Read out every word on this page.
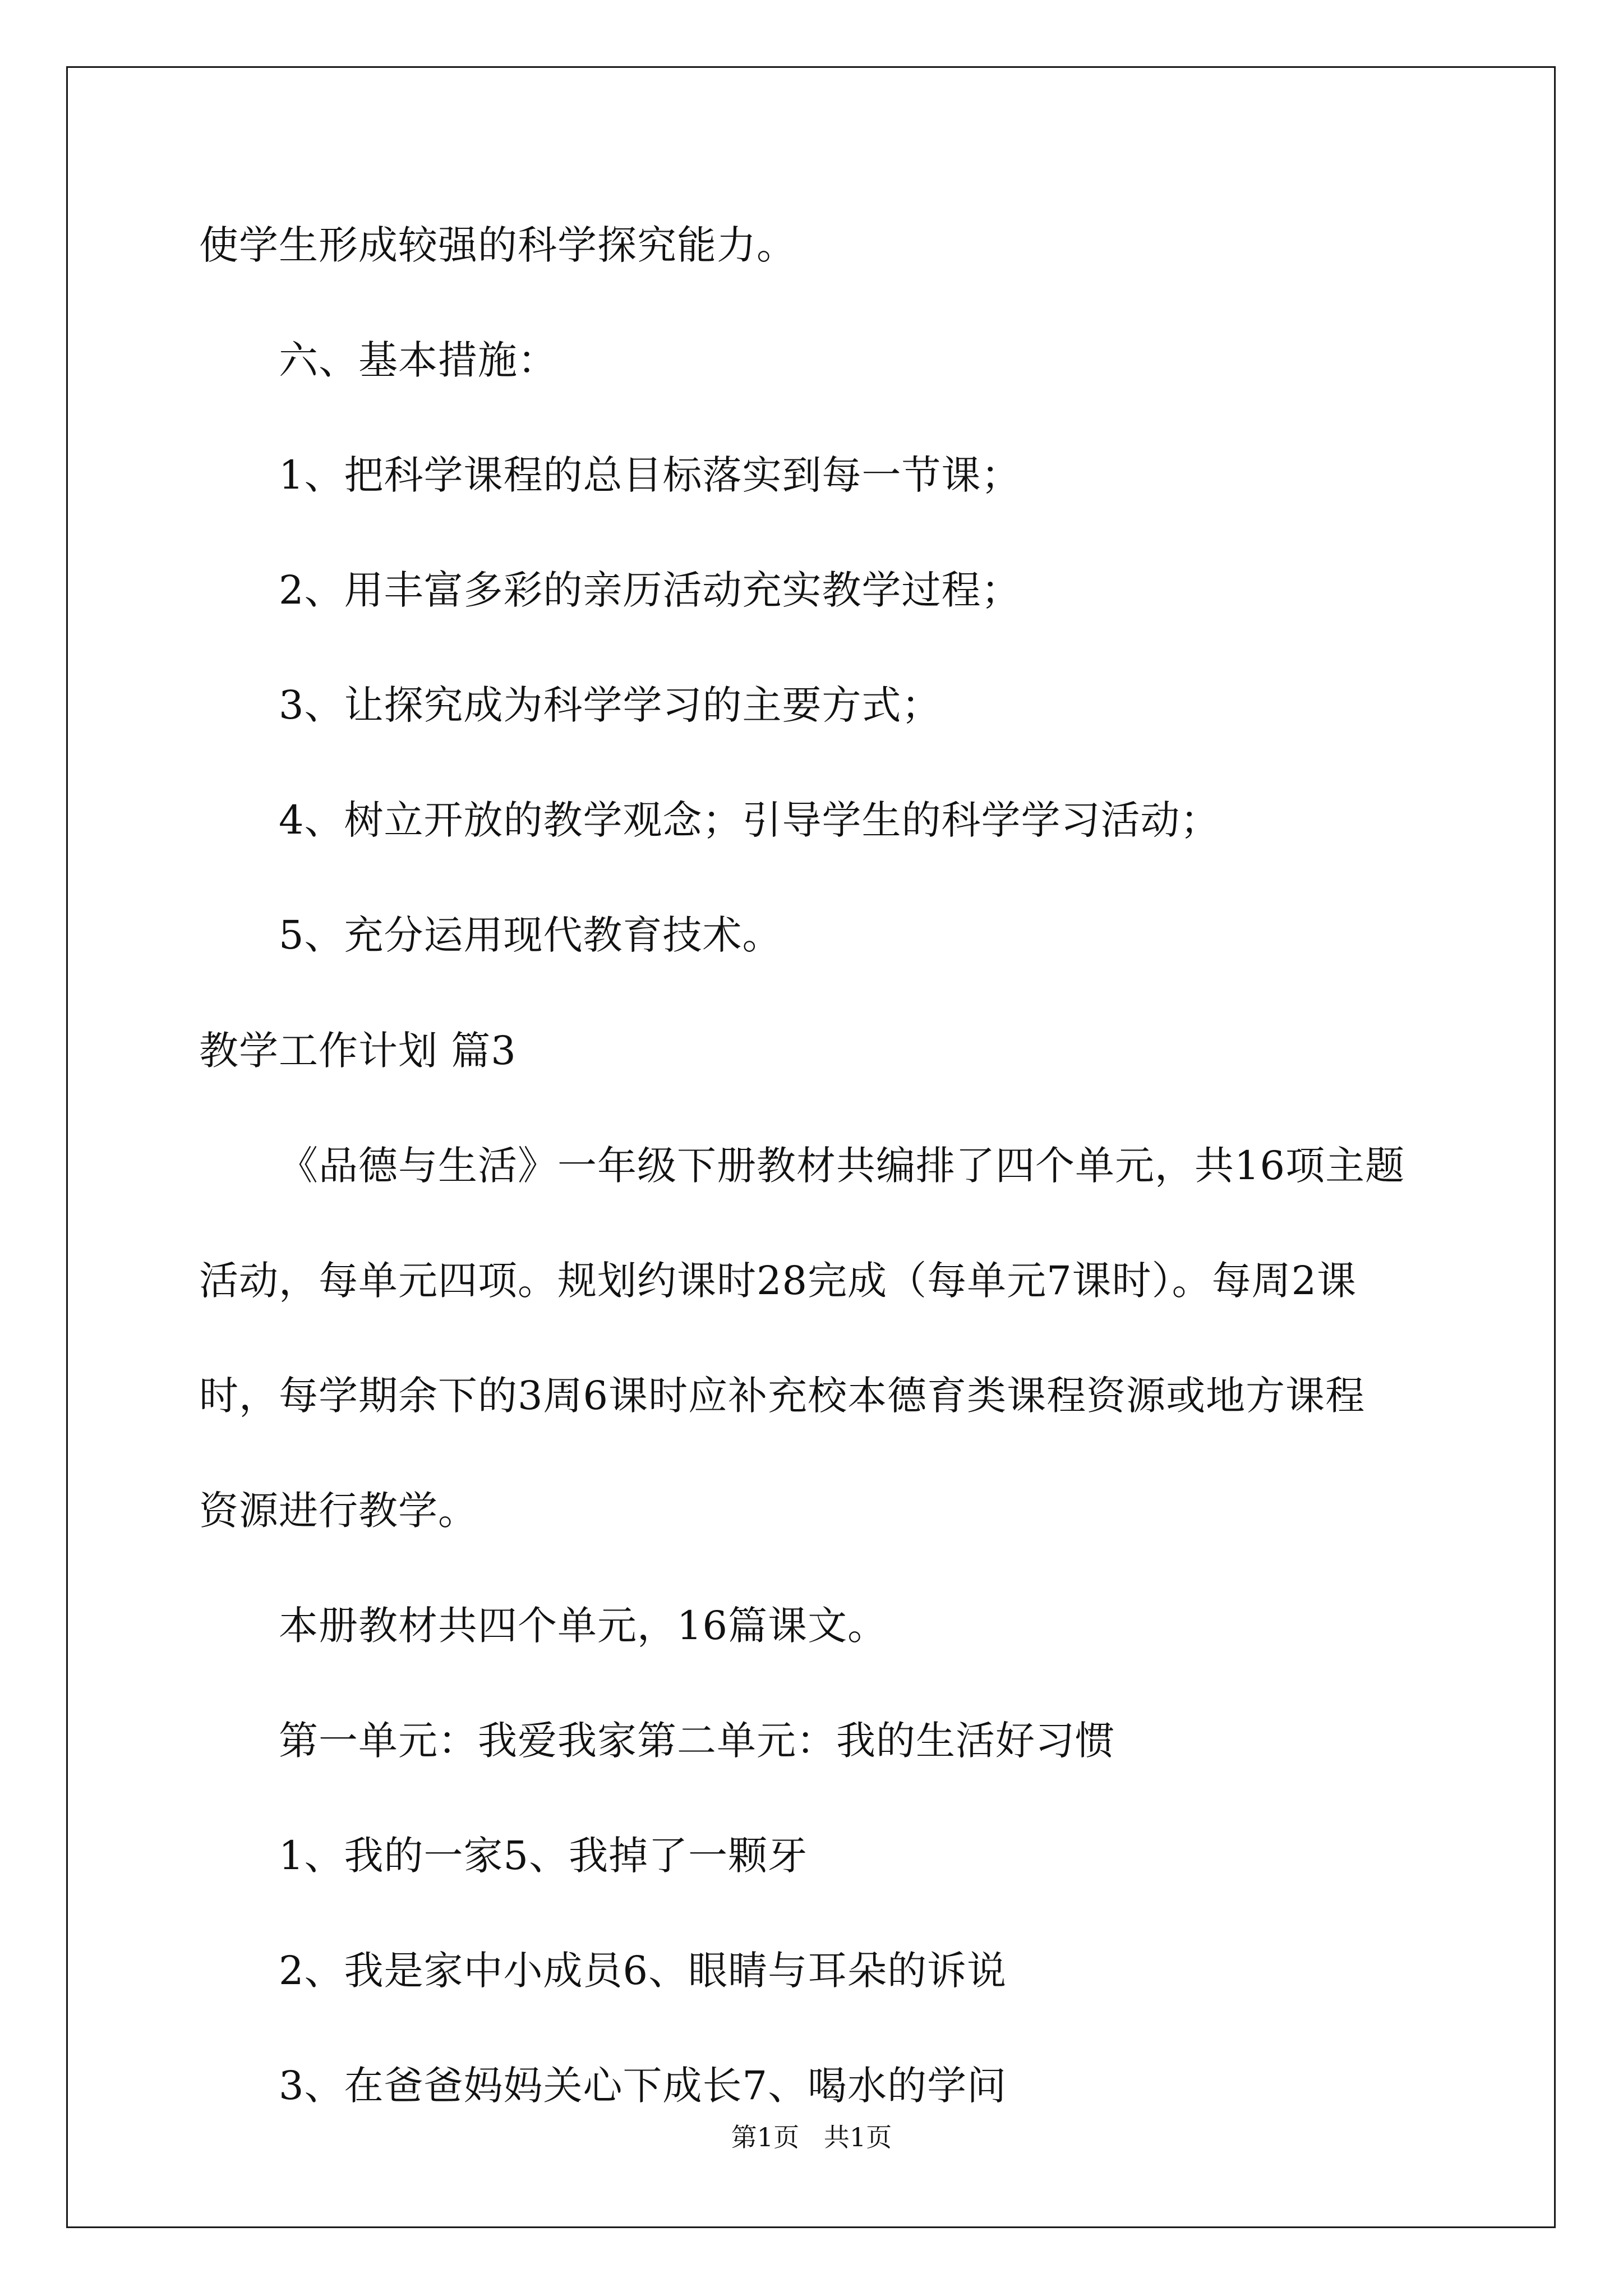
使学生形成较强的科学探究能力。
六、基本措施：
1、把科学课程的总目标落实到每一节课；
2、用丰富多彩的亲历活动充实教学过程；
3、让探究成为科学学习的主要方式；
4、树立开放的教学观念；引导学生的科学学习活动；
5、充分运用现代教育技术。
教学工作计划 篇3
《品德与生活》一年级下册教材共编排了四个单元，共16项主题
活动，每单元四项。规划约课时28完成（每单元7课时）。每周2课
时，每学期余下的3周6课时应补充校本德育类课程资源或地方课程
资源进行教学。
本册教材共四个单元，16篇课文。
第一单元：我爱我家第二单元：我的生活好习惯
1、我的一家5、我掉了一颗牙
2、我是家中小成员6、眼睛与耳朵的诉说
3、在爸爸妈妈关心下成长7、喝水的学问
第1页   共1页
